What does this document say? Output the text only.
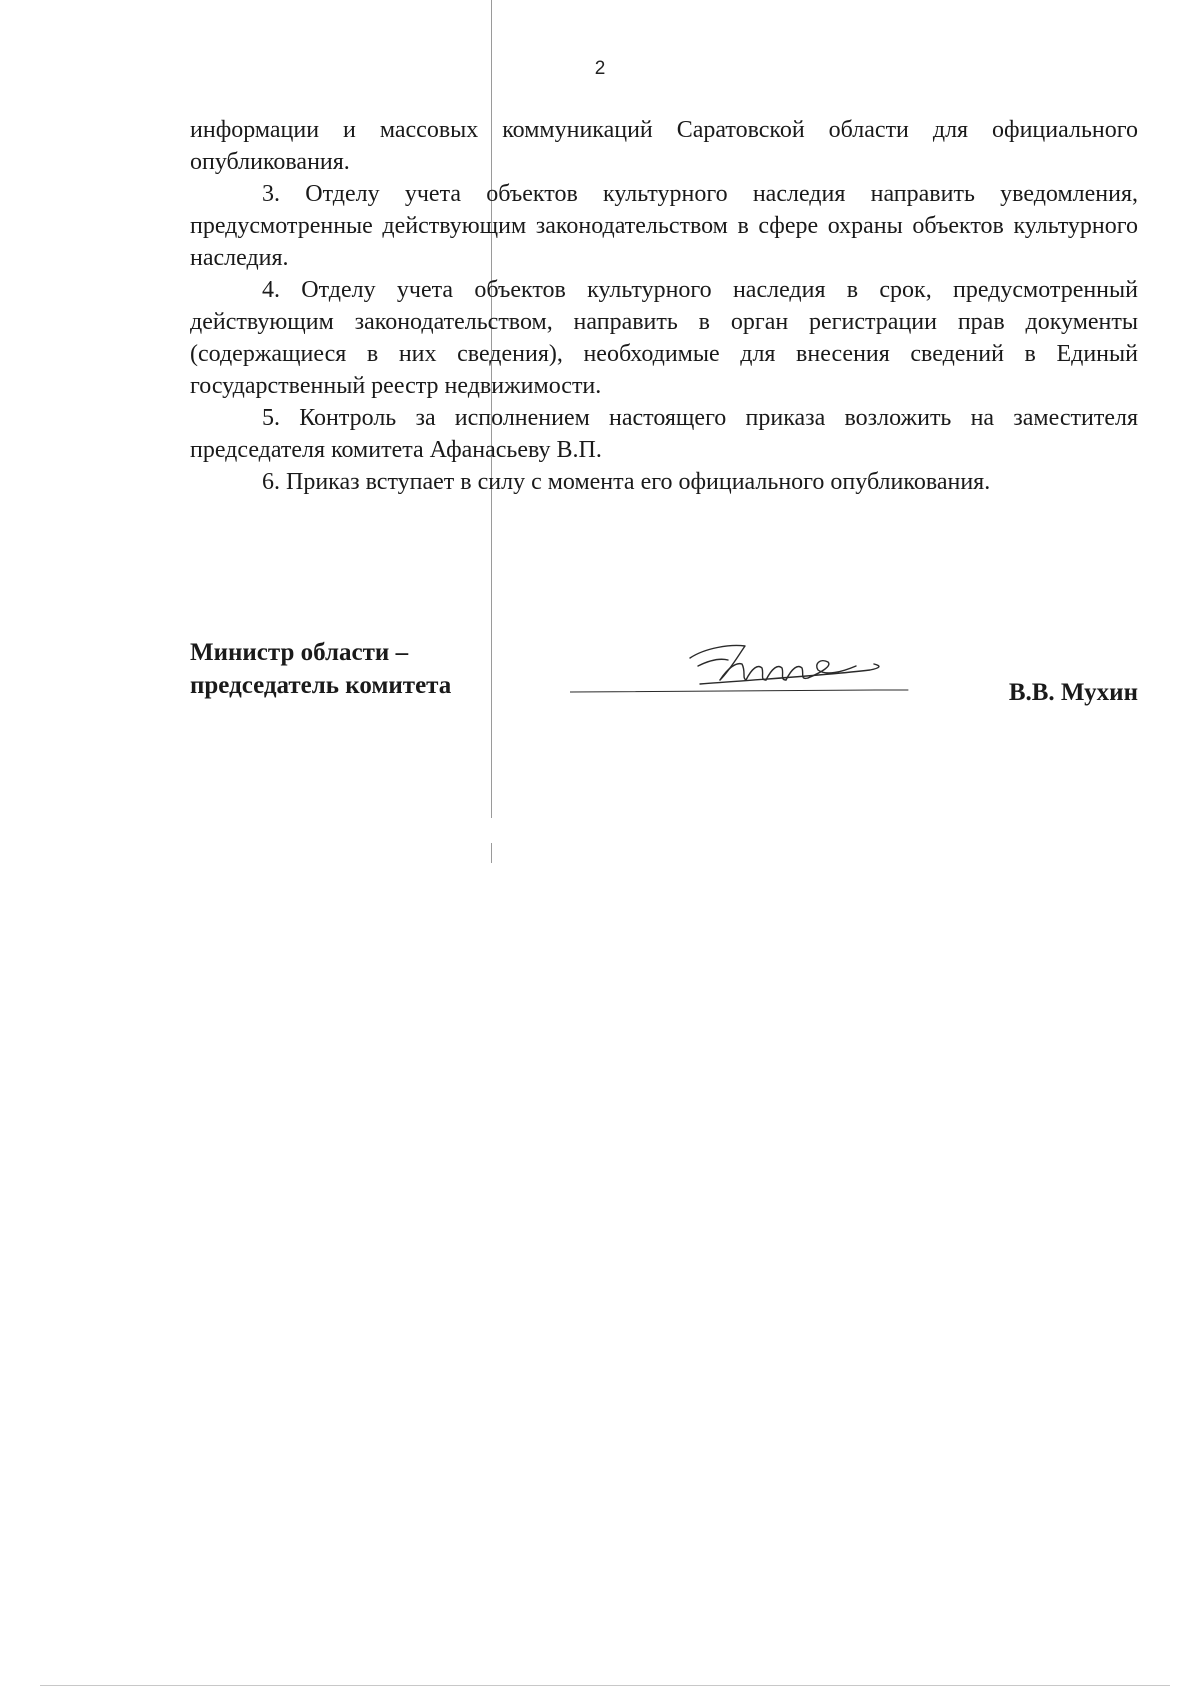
2

информации и массовых коммуникаций Саратовской области для официального опубликования.

3. Отделу учета объектов культурного наследия направить уведомления, предусмотренные действующим законодательством в сфере охраны объектов культурного наследия.

4. Отделу учета объектов культурного наследия в срок, предусмотренный действующим законодательством, направить в орган регистрации прав документы (содержащиеся в них сведения), необходимые для внесения сведений в Единый государственный реестр недвижимости.

5. Контроль за исполнением настоящего приказа возложить на заместителя председателя комитета Афанасьеву В.П.

6. Приказ вступает в силу с момента его официального опубликования.

Министр области –
председатель комитета	В.В. Мухин
